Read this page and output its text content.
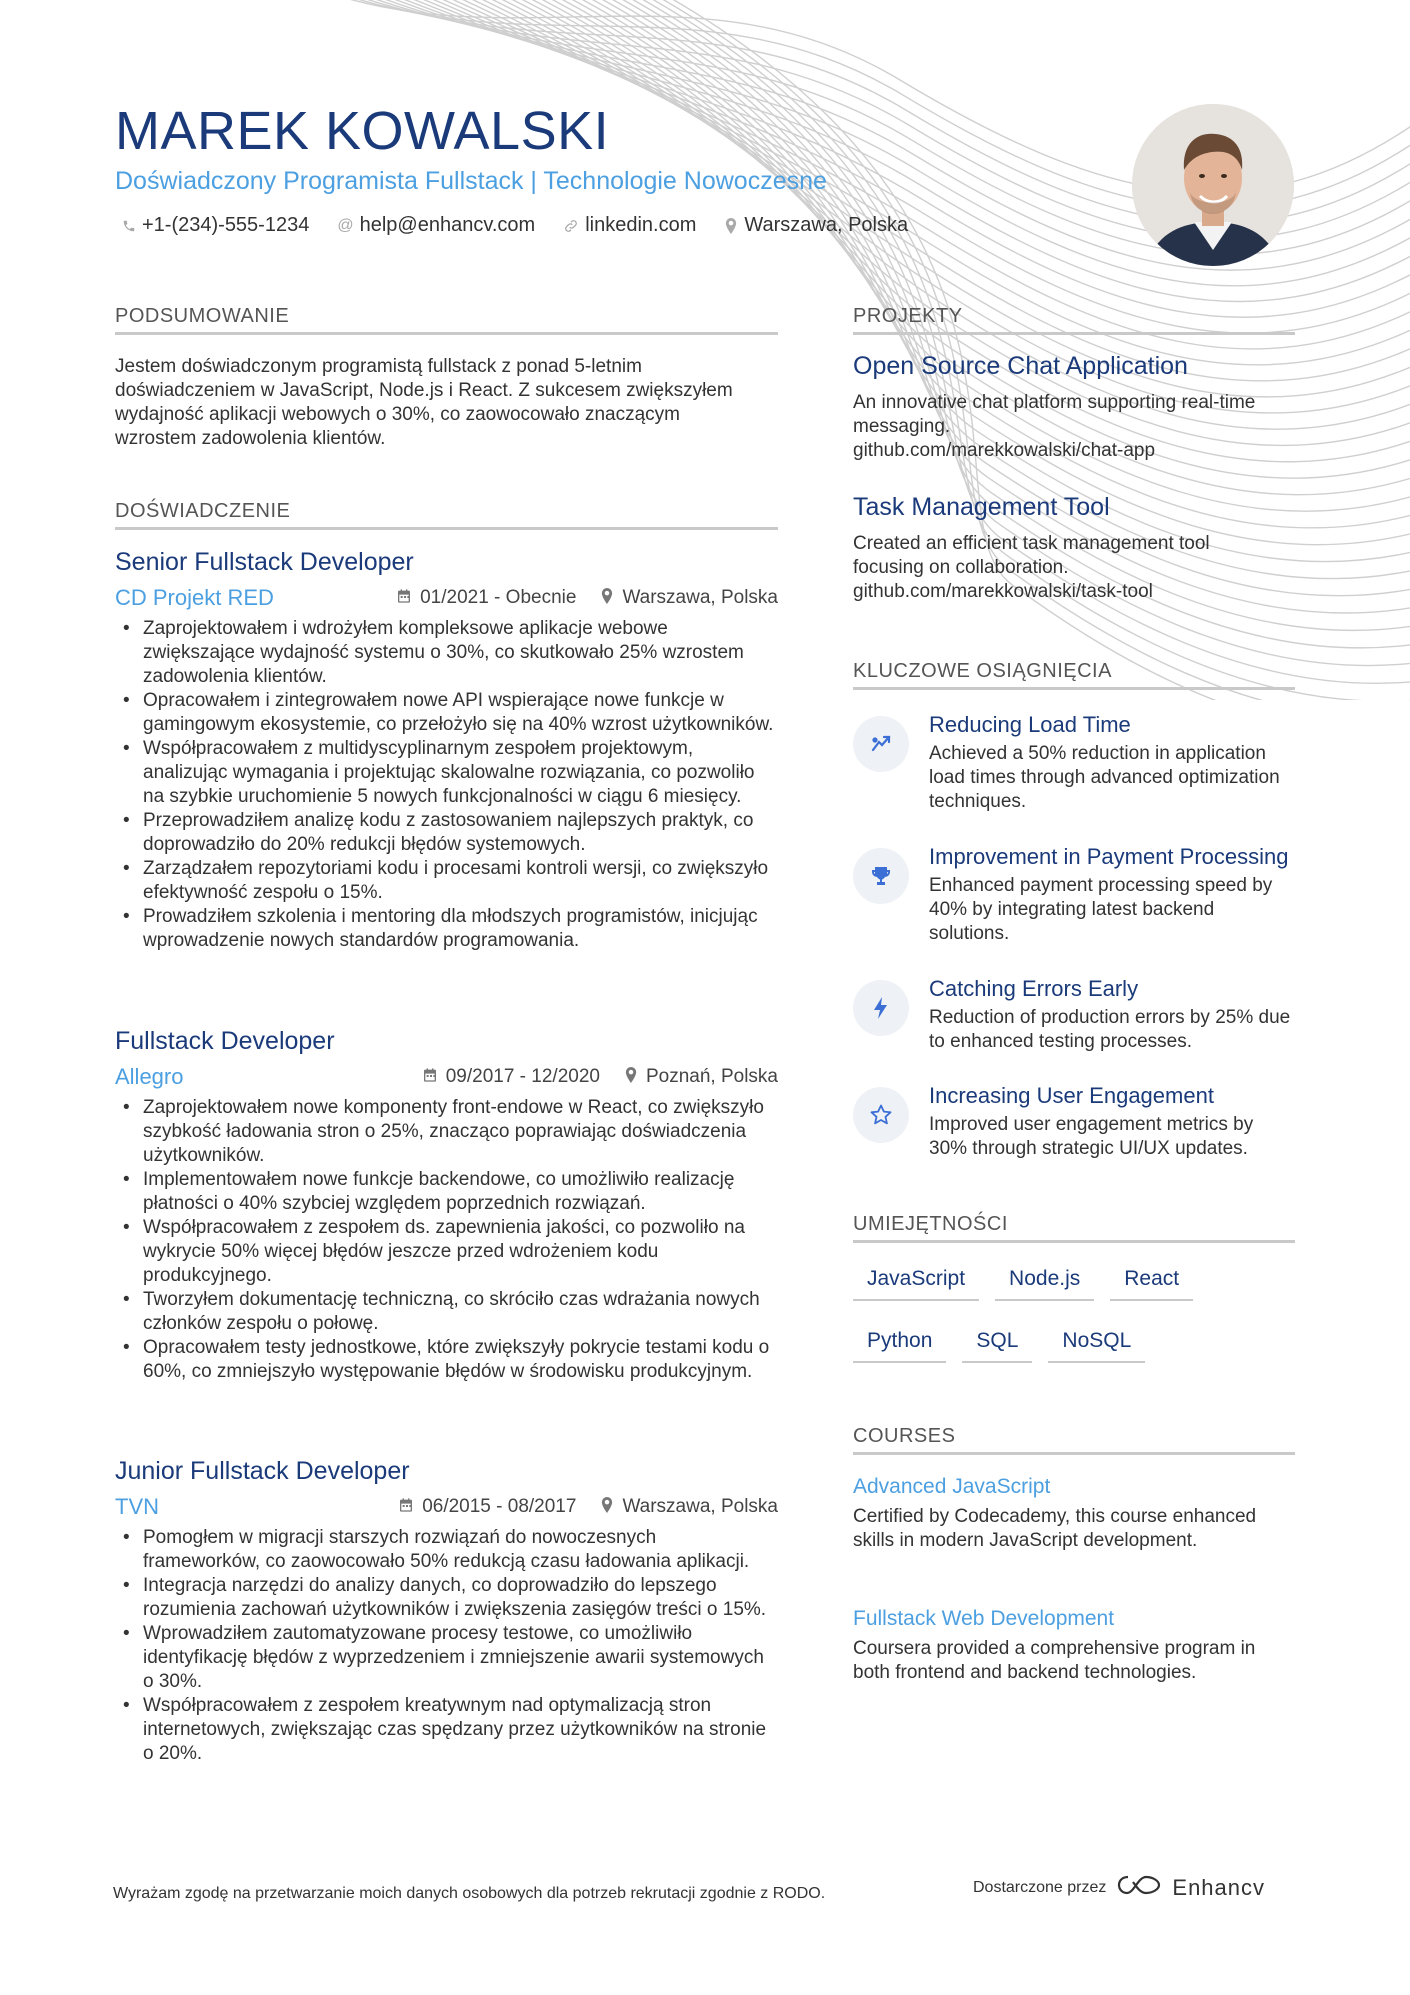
MAREK KOWALSKI
Doświadczony Programista Fullstack | Technologie Nowoczesne
+1-(234)-555-1234 @ help@enhancv.com	linkedin.com Warszawa, Polska
PODSUMOWANIE

Jestem doświadczonym programistą fullstack z ponad 5-letnim doświadczeniem w JavaScript, Node.js i React. Z sukcesem zwiększyłem wydajność aplikacji webowych o 30%, co zaowocowało znaczącym wzrostem zadowolenia klientów.

DOŚWIADCZENIE
Senior Fullstack Developer
CD Projekt RED	01/2021 - Obecnie Warszawa, Polska
• Zaprojektowałem i wdrożyłem kompleksowe aplikacje webowe zwiększające wydajność systemu o 30%, co skutkowało 25% wzrostem zadowolenia klientów.
• Opracowałem i zintegrowałem nowe API wspierające nowe funkcje w gamingowym ekosystemie, co przełożyło się na 40% wzrost użytkowników.
• Współpracowałem z multidyscyplinarnym zespołem projektowym, analizując wymagania i projektując skalowalne rozwiązania, co pozwoliło na szybkie uruchomienie 5 nowych funkcjonalności w ciągu 6 miesięcy.
• Przeprowadziłem analizę kodu z zastosowaniem najlepszych praktyk, co doprowadziło do 20% redukcji błędów systemowych.
• Zarządzałem repozytoriami kodu i procesami kontroli wersji, co zwiększyło efektywność zespołu o 15%.
• Prowadziłem szkolenia i mentoring dla młodszych programistów, inicjując wprowadzenie nowych standardów programowania.
Fullstack Developer
Allegro	09/2017 - 12/2020 Poznań, Polska
• Zaprojektowałem nowe komponenty front-endowe w React, co zwiększyło szybkość ładowania stron o 25%, znacząco poprawiając doświadczenia użytkowników.
• Implementowałem nowe funkcje backendowe, co umożliwiło realizację płatności o 40% szybciej względem poprzednich rozwiązań.
• Współpracowałem z zespołem ds. zapewnienia jakości, co pozwoliło na wykrycie 50% więcej błędów jeszcze przed wdrożeniem kodu produkcyjnego.
• Tworzyłem dokumentację techniczną, co skróciło czas wdrażania nowych członków zespołu o połowę.
• Opracowałem testy jednostkowe, które zwiększyły pokrycie testami kodu o 60%, co zmniejszyło występowanie błędów w środowisku produkcyjnym.
Junior Fullstack Developer
TVN	06/2015 - 08/2017 Warszawa, Polska
• Pomogłem w migracji starszych rozwiązań do nowoczesnych frameworków, co zaowocowało 50% redukcją czasu ładowania aplikacji.
• Integracja narzędzi do analizy danych, co doprowadziło do lepszego rozumienia zachowań użytkowników i zwiększenia zasięgów treści o 15%.
• Wprowadziłem zautomatyzowane procesy testowe, co umożliwiło identyfikację błędów z wyprzedzeniem i zmniejszenie awarii systemowych o 30%.
• Współpracowałem z zespołem kreatywnym nad optymalizacją stron internetowych, zwiększając czas spędzany przez użytkowników na stronie o 20%.
PROJEKTY
Open Source Chat Application
An innovative chat platform supporting real-time messaging.
github.com/marekkowalski/chat-app
Task Management Tool
Created an efficient task management tool focusing on collaboration.
github.com/marekkowalski/task-tool
KLUCZOWE OSIĄGNIĘCIA
Reducing Load Time
Achieved a 50% reduction in application load times through advanced optimization techniques.
Improvement in Payment Processing
Enhanced payment processing speed by 40% by integrating latest backend solutions.
Catching Errors Early
Reduction of production errors by 25% due to enhanced testing processes.
Increasing User Engagement
Improved user engagement metrics by 30% through strategic UI/UX updates.
UMIEJĘTNOŚCI
JavaScript	Node.js	React
Python	SQL	NoSQL
COURSES
Advanced JavaScript
Certified by Codecademy, this course enhanced skills in modern JavaScript development.
Fullstack Web Development
Coursera provided a comprehensive program in both frontend and backend technologies.
Wyrażam zgodę na przetwarzanie moich danych osobowych dla potrzeb rekrutacji zgodnie z RODO.	Dostarczone przez	Enhancv
